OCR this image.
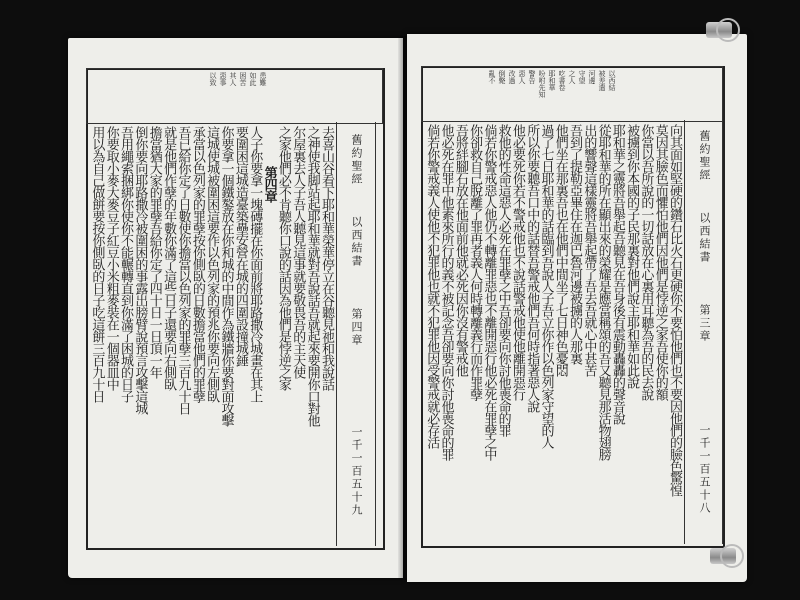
舊約聖經
以西結書
第四章
一千一百五十九
患難
如此
困苦
其人
惡事
以致
去喜山谷看下耶和華榮華停立在谷聽見祂和我說話
之神使我脚站起耶和華就對吾說話吾就起來要開你口對他
尔屋裏去人子吾人聽見這事就要敬畏吾的主天使
之家他們必不肯聽你口說的話因為他們是悖逆之家
第四章
人子你要拿一塊磚擺在你面前將耶路撒冷城畫在其上
要圍困這城造臺築壘安營在城的四圍設撞城錘
你要拿一個鐵鏊放在你和城的中間作為鐵牆你要對面攻擊
這城使城被圍困這要作以色列家的預兆你要向左側臥
承當以色列家的罪孽按你側臥的日數擔當他們的罪孽
吾已給你定了日數使你擔當以色列家的罪孽三百九十日
就是他們作孽的年數你滿了這些日子還要向右側臥
擔當猶大家的罪孽吾給你定了四十日一日頂一年
倒你要向耶路撒冷被圍困的事露出膀臂說預言攻擊這城
吾用繩索捆綁你使你不能輾轉直到你滿了困城的日子
你要取小麥大麥豆子紅豆小米粗麥裝在一個器皿中
用以為自己做餅要按你側臥的日子吃這餅三百九十日	舊約聖經
以西結書
第三章
一千一百五十八
以西結
被差遣
河邊
守望
之人
吃書卷
耶和華
吩咐先知
警告
惡人
改過
倒斃
亂不
向其面如堅硬的鑽石比火石更硬你不要怕他們也不要因他們的臉色驚惶
莫因其臉色而懼怕他們因他們是悖逆之家吾使你的額
你當以吾所說的一切話放在心裏用耳聽為吾的民去說
被擄到你本國的子民那裏對他們說主耶和華如此說
耶和華之靈將吾舉起吾聽見在吾身後有震動轟轟的聲音說
從耶和華的所在顯出來的榮耀是應當稱頌的吾又聽見那活物翅膀
出的響聲這樣靈將吾舉起帶了吾去吾就心中甚苦
吾到了提勒亞畢住在迦巴魯河邊被擄的人那裏
他們坐在那裏吾也在他們中間坐了七日神色憂悶
過了七日耶和華的話臨到吾說人子吾立你作以色列家守望的人
所以你要聽吾口中的話替吾警戒他們吾何時指著惡人說
他必要死你若不警戒他也不說話警戒他使他離開惡行
救他的性命這惡人必死在罪孽之中吾卻要向你討他喪命的罪
倘若你警戒惡人他仍不轉離罪惡也不離開惡行他必死在罪孽之中
你卻救自己脫離了罪再者義人何時轉離義行而作罪孽
吾將絆腳石放在他面前他就必死因你沒有警戒他
他必死在罪中他素來所行的義不被記念吾卻要向你討他喪命的罪
倘若你警戒義人使他不犯罪他也就不犯罪他因受警戒就必存活
